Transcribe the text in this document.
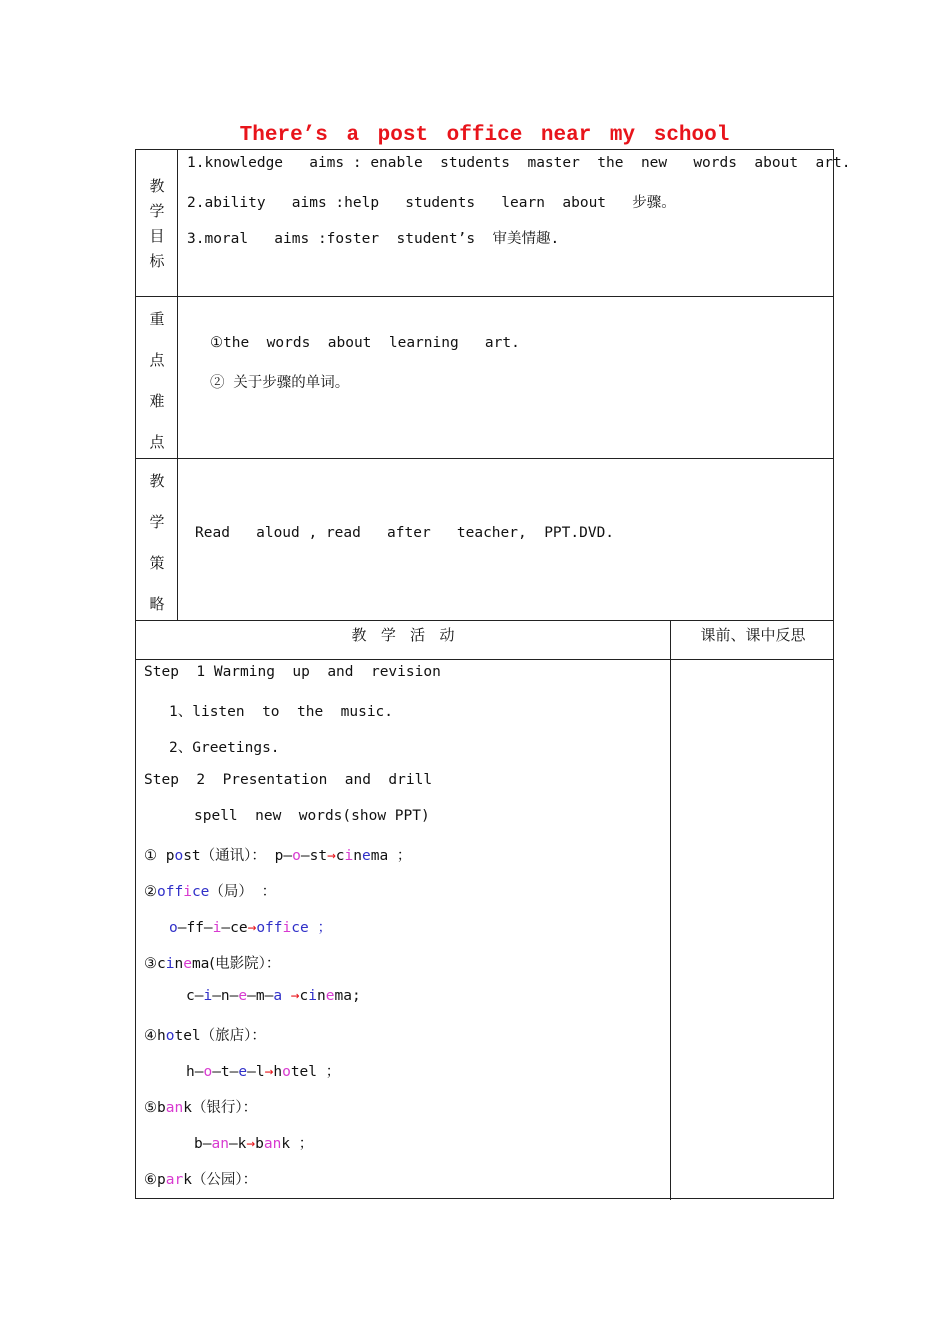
There’s a post office near my school
教
学
目
标
1.knowledge   aims : enable  students  master  the  new   words  about  art.
2.ability   aims :help   students   learn  about   步骤。
3.moral   aims :foster  student’s  审美情趣.
重
点
难
点
①the  words  about  learning   art.
② 关于步骤的单词。
教
学
策
略
Read   aloud , read   after   teacher,  PPT.DVD.
教   学   活   动	课前、课中反思
Step  1 Warming  up  and  revision
1、listen  to  the  music.
2、Greetings.
Step  2  Presentation  and  drill
spell  new  words(show PPT)
① post（通讯）： p—o—st→cinema ；
②office（局） ：
o—ff—i—ce→office ；
③cinema(电影院）：
c—i—n—e—m—a →cinema;
④hotel（旅店）：
h—o—t—e—l→hotel ；
⑤bank（银行）：
b—an—k→bank ；
⑥park（公园）：
